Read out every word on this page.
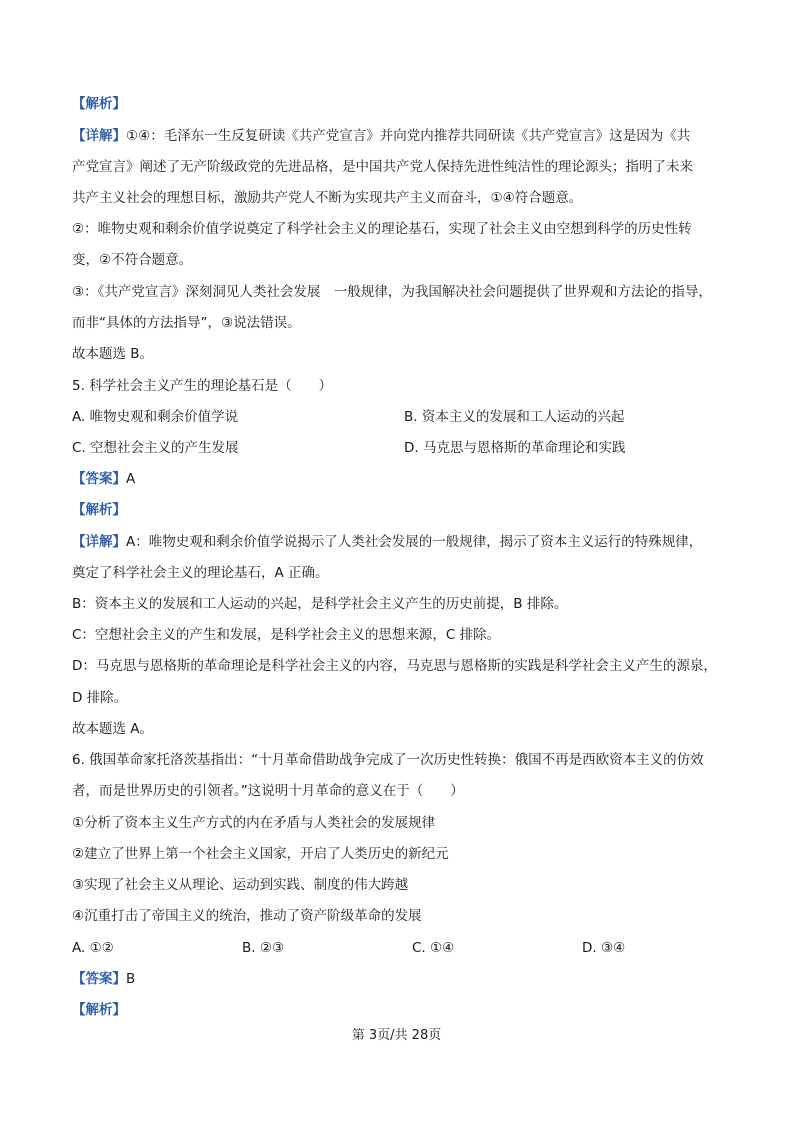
【解析】
【详解】①④：毛泽东一生反复研读《共产党宣言》并向党内推荐共同研读《共产党宣言》这是因为《共
产党宣言》阐述了无产阶级政党的先进品格，是中国共产党人保持先进性纯洁性的理论源头；指明了未来
共产主义社会的理想目标，激励共产党人不断为实现共产主义而奋斗，①④符合题意。
②：唯物史观和剩余价值学说奠定了科学社会主义的理论基石，实现了社会主义由空想到科学的历史性转
变，②不符合题意。
③：《共产党宣言》深刻洞见人类社会发展　一般规律，为我国解决社会问题提供了世界观和方法论的指导，
而非“具体的方法指导”，③说法错误。
故本题选 B。
5. 科学社会主义产生的理论基石是（　　）
A. 唯物史观和剩余价值学说	B. 资本主义的发展和工人运动的兴起
C. 空想社会主义的产生发展	D. 马克思与恩格斯的革命理论和实践
【答案】A
【解析】
【详解】A：唯物史观和剩余价值学说揭示了人类社会发展的一般规律，揭示了资本主义运行的特殊规律，
奠定了科学社会主义的理论基石，A 正确。
B：资本主义的发展和工人运动的兴起，是科学社会主义产生的历史前提，B 排除。
C：空想社会主义的产生和发展，是科学社会主义的思想来源，C 排除。
D：马克思与恩格斯的革命理论是科学社会主义的内容，马克思与恩格斯的实践是科学社会主义产生的源泉，
D 排除。
故本题选 A。
6. 俄国革命家托洛茨基指出：“十月革命借助战争完成了一次历史性转换：俄国不再是西欧资本主义的仿效
者，而是世界历史的引领者。”这说明十月革命的意义在于（　　）
①分析了资本主义生产方式的内在矛盾与人类社会的发展规律
②建立了世界上第一个社会主义国家，开启了人类历史的新纪元
③实现了社会主义从理论、运动到实践、制度的伟大跨越
④沉重打击了帝国主义的统治，推动了资产阶级革命的发展
A. ①②	B. ②③	C. ①④	D. ③④
【答案】B
【解析】
第 3页/共 28页
